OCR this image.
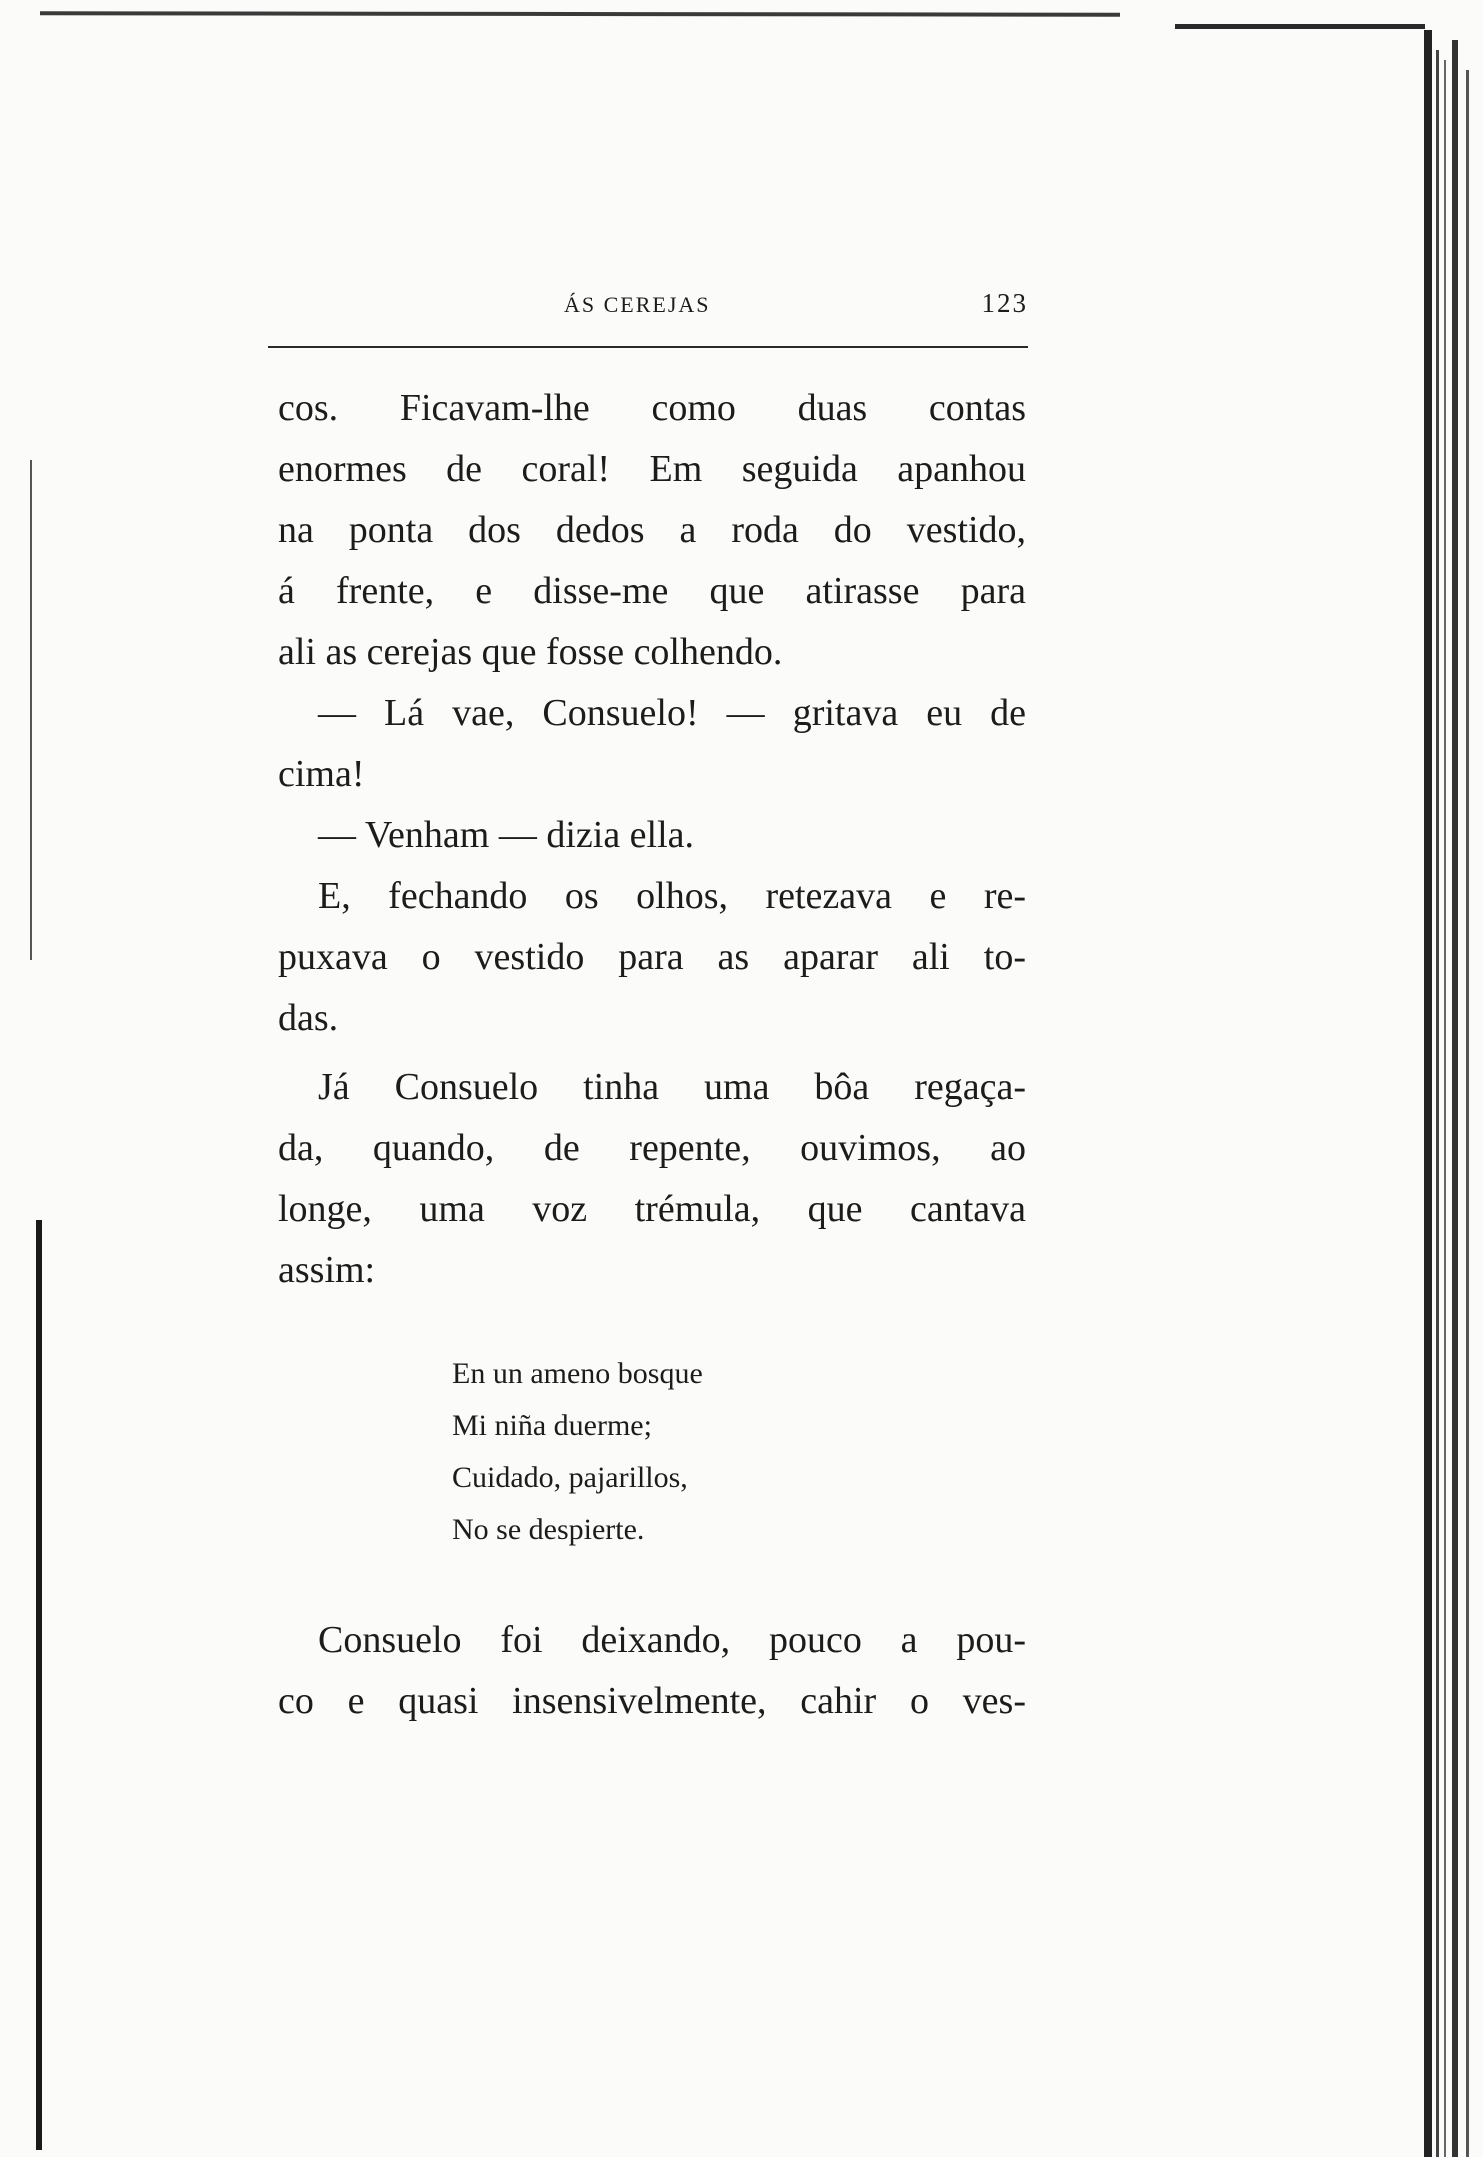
ÁS CEREJAS	123
cos. Ficavam-lhe como duas contas
enormes de coral! Em seguida apanhou
na ponta dos dedos a roda do vestido,
á frente, e disse-me que atirasse para
ali as cerejas que fosse colhendo.
— Lá vae, Consuelo! — gritava eu de
cima!
— Venham — dizia ella.
E, fechando os olhos, retezava e re-
puxava o vestido para as aparar ali to-
das.
Já Consuelo tinha uma bôa regaça-
da, quando, de repente, ouvimos, ao
longe, uma voz trémula, que cantava
assim:
En un ameno bosque
Mi niña duerme;
Cuidado, pajarillos,
No se despierte.
Consuelo foi deixando, pouco a pou-
co e quasi insensivelmente, cahir o ves-
